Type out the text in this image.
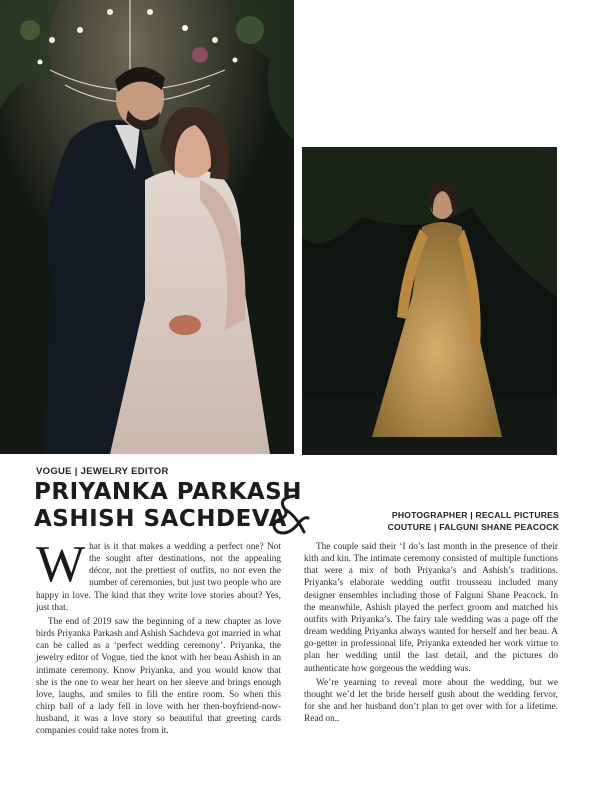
VOGUE | JEWELRY EDITOR
PRIYANKA PARKASH
ASHISH SACHDEVA	PHOTOGRAPHER | RECALL PICTURES
COUTURE | FALGUNI SHANE PEACOCK

What is it that makes a wedding a perfect one? Not the sought after destinations, not the appealing décor, not the prettiest of outfits, no not even the number of ceremonies, but just two people who are happy in love. The kind that they write love stories about? Yes, just that.

The end of 2019 saw the beginning of a new chapter as love birds Priyanka Parkash and Ashish Sachdeva got married in what can be called as a ‘perfect wedding ceremony’. Priyanka, the jewelry editor of Vogue, tied the knot with her beau Ashish in an intimate ceremony. Know Priyanka, and you would know that she is the one to wear her heart on her sleeve and brings enough love, laughs, and smiles to fill the entire room. So when this chirp ball of a lady fell in love with her then-boyfriend-now-husband, it was a love story so beautiful that greeting cards companies could take notes from it.

The couple said their ‘I do’s last month in the presence of their kith and kin. The intimate ceremony consisted of multiple functions that were a mix of both Priyanka’s and Ashish’s traditions. Priyanka’s elaborate wedding outfit trousseau included many designer ensembles including those of Falguni Shane Peacock. In the meanwhile, Ashish played the perfect groom and matched his outfits with Priyanka’s. The fairy tale wedding was a page off the dream wedding Priyanka always wanted for herself and her beau. A go-getter in professional life, Priyanka extended her work virtue to plan her wedding until the last detail, and the pictures do authenticate how gorgeous the wedding was.

We’re yearning to reveal more about the wedding, but we thought we’d let the bride herself gush about the wedding fervor, for she and her husband don’t plan to get over with for a lifetime. Read on..
